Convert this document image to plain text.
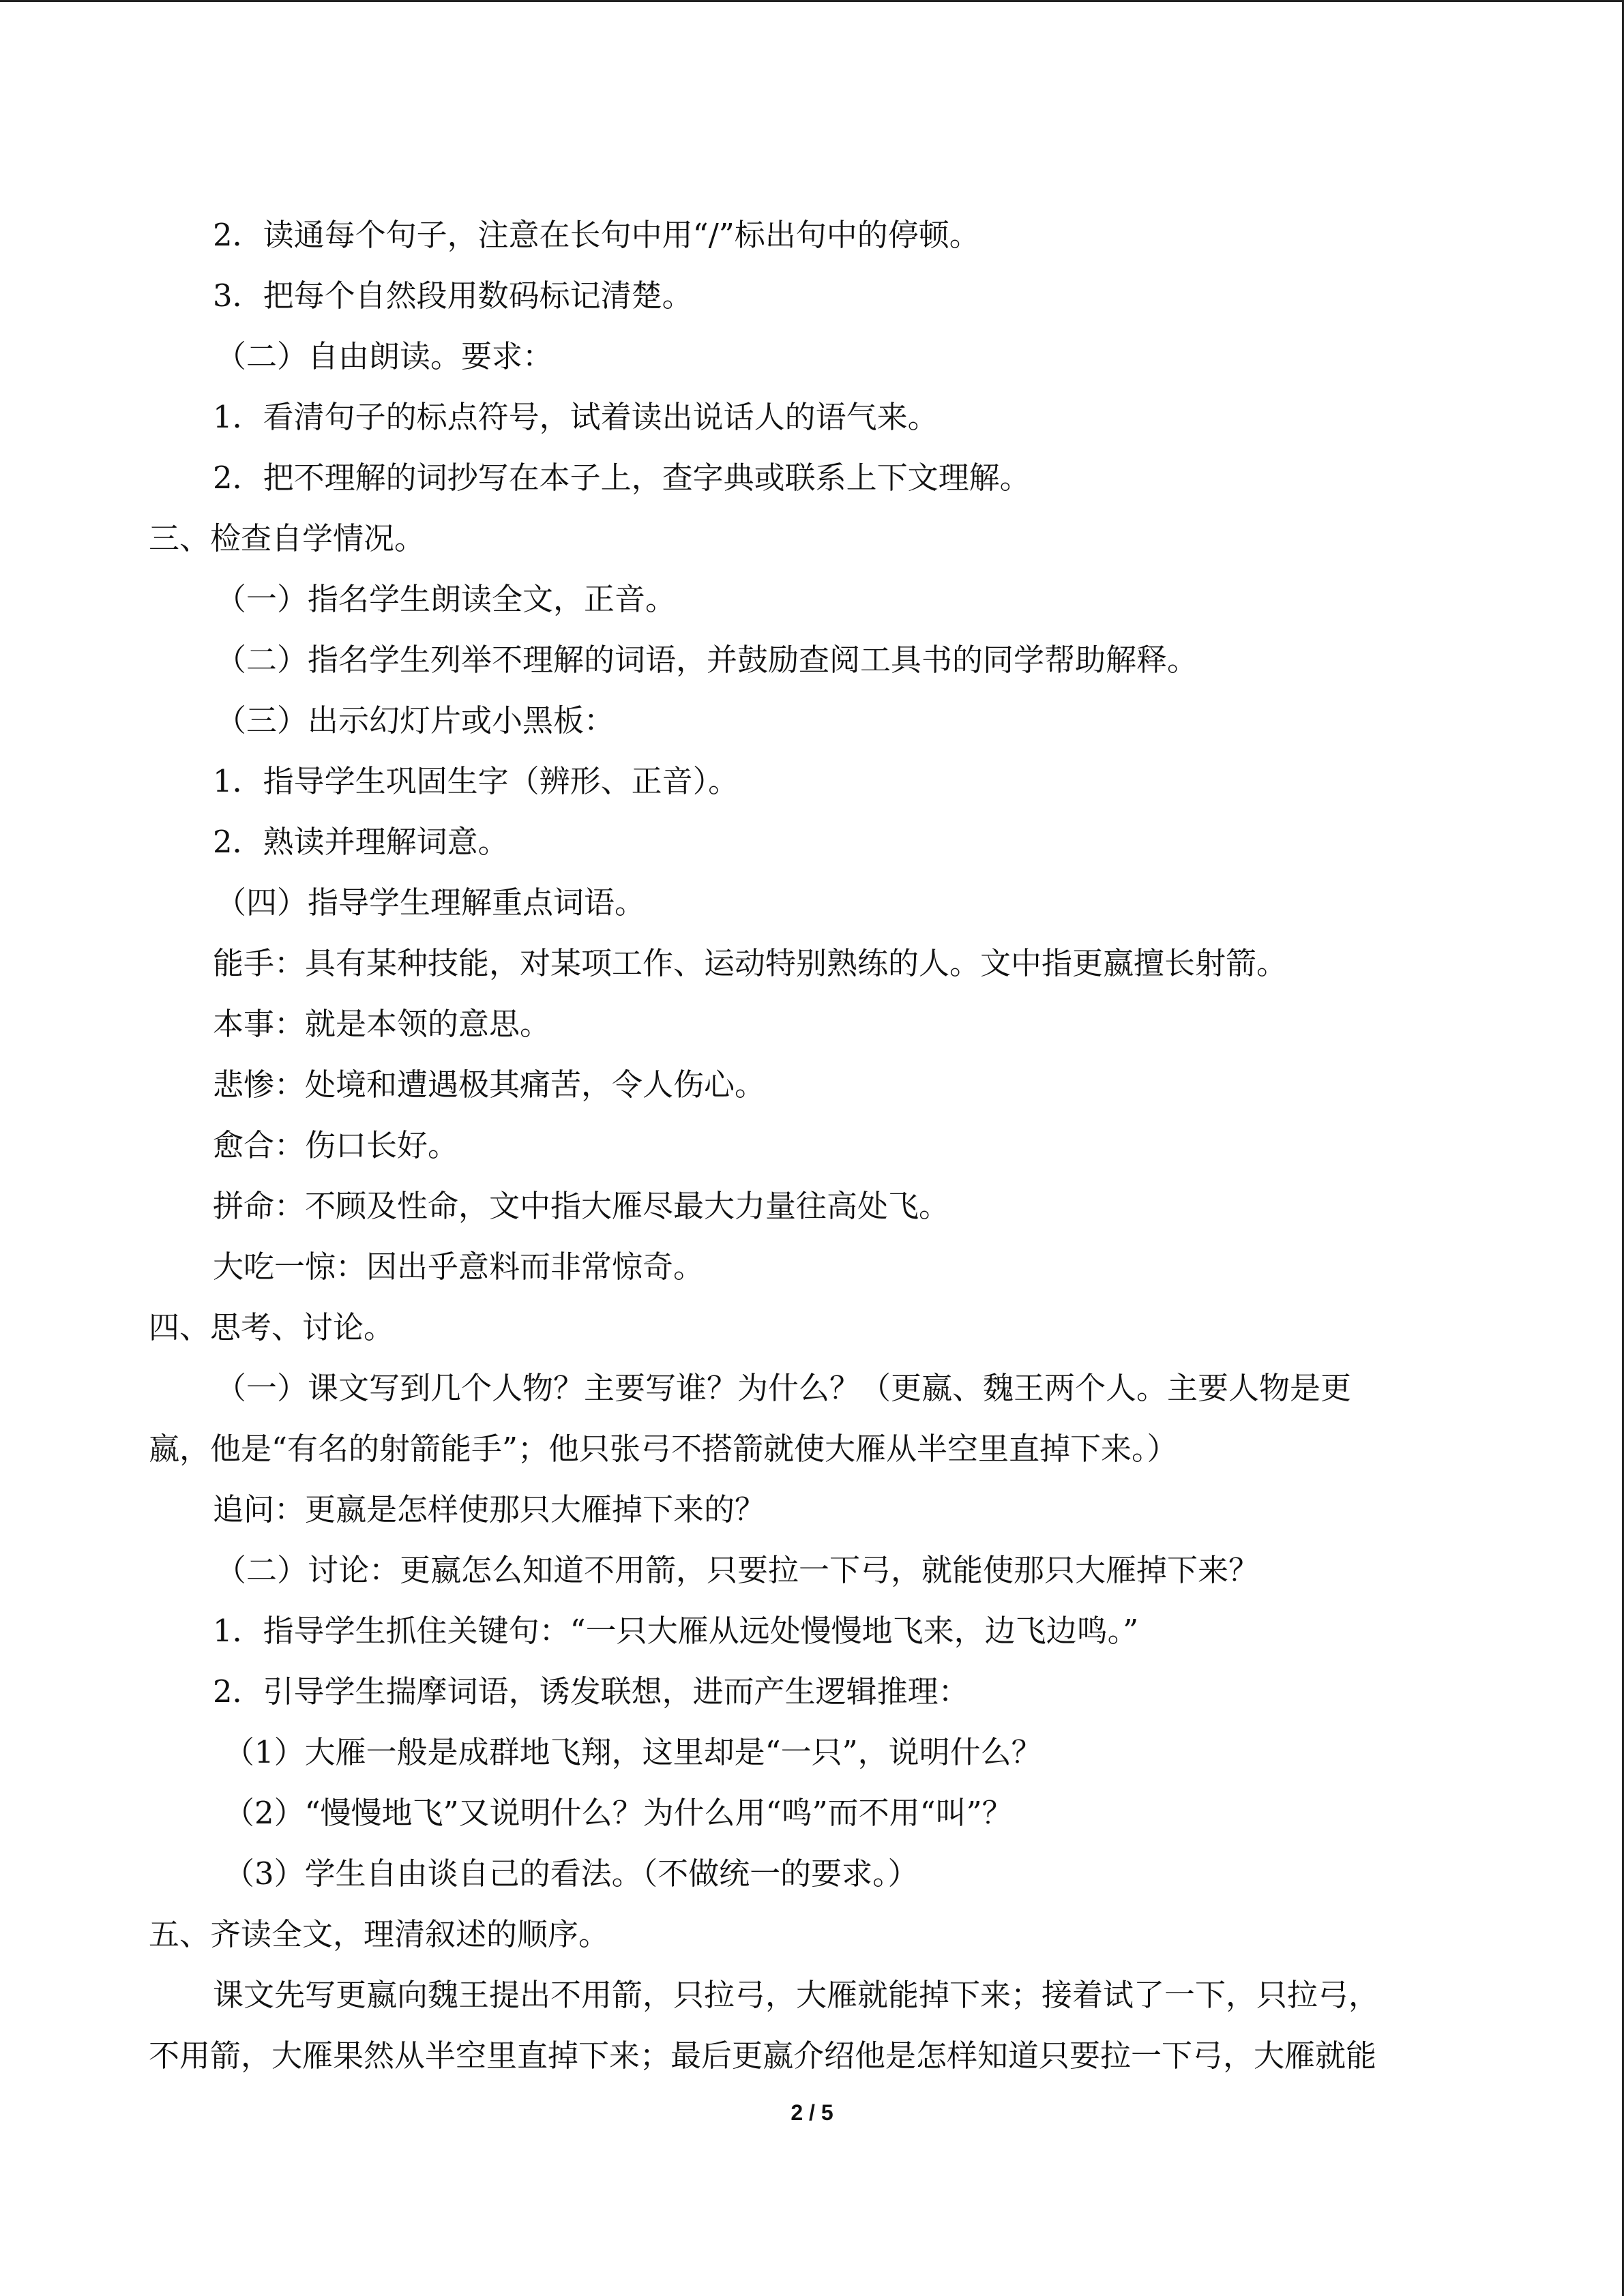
2．读通每个句子，注意在长句中用“/”标出句中的停顿。
3．把每个自然段用数码标记清楚。
（二）自由朗读。要求：
1．看清句子的标点符号，试着读出说话人的语气来。
2．把不理解的词抄写在本子上，查字典或联系上下文理解。
三、检查自学情况。
（一）指名学生朗读全文，正音。
（二）指名学生列举不理解的词语，并鼓励查阅工具书的同学帮助解释。
（三）出示幻灯片或小黑板：
1．指导学生巩固生字（辨形、正音）。
2．熟读并理解词意。
（四）指导学生理解重点词语。
能手：具有某种技能，对某项工作、运动特别熟练的人。文中指更嬴擅长射箭。
本事：就是本领的意思。
悲惨：处境和遭遇极其痛苦，令人伤心。
愈合：伤口长好。
拼命：不顾及性命，文中指大雁尽最大力量往高处飞。
大吃一惊：因出乎意料而非常惊奇。
四、思考、讨论。
（一）课文写到几个人物？主要写谁？为什么？（更嬴、魏王两个人。主要人物是更
嬴，他是“有名的射箭能手”；他只张弓不搭箭就使大雁从半空里直掉下来。）
追问：更嬴是怎样使那只大雁掉下来的？
（二）讨论：更嬴怎么知道不用箭，只要拉一下弓，就能使那只大雁掉下来？
1．指导学生抓住关键句：“一只大雁从远处慢慢地飞来，边飞边鸣。”
2．引导学生揣摩词语，诱发联想，进而产生逻辑推理：
（1）大雁一般是成群地飞翔，这里却是“一只”，说明什么？
（2）“慢慢地飞”又说明什么？为什么用“鸣”而不用“叫”？
（3）学生自由谈自己的看法。（不做统一的要求。）
五、齐读全文，理清叙述的顺序。
课文先写更嬴向魏王提出不用箭，只拉弓，大雁就能掉下来；接着试了一下，只拉弓，
不用箭，大雁果然从半空里直掉下来；最后更嬴介绍他是怎样知道只要拉一下弓，大雁就能
2 / 5
